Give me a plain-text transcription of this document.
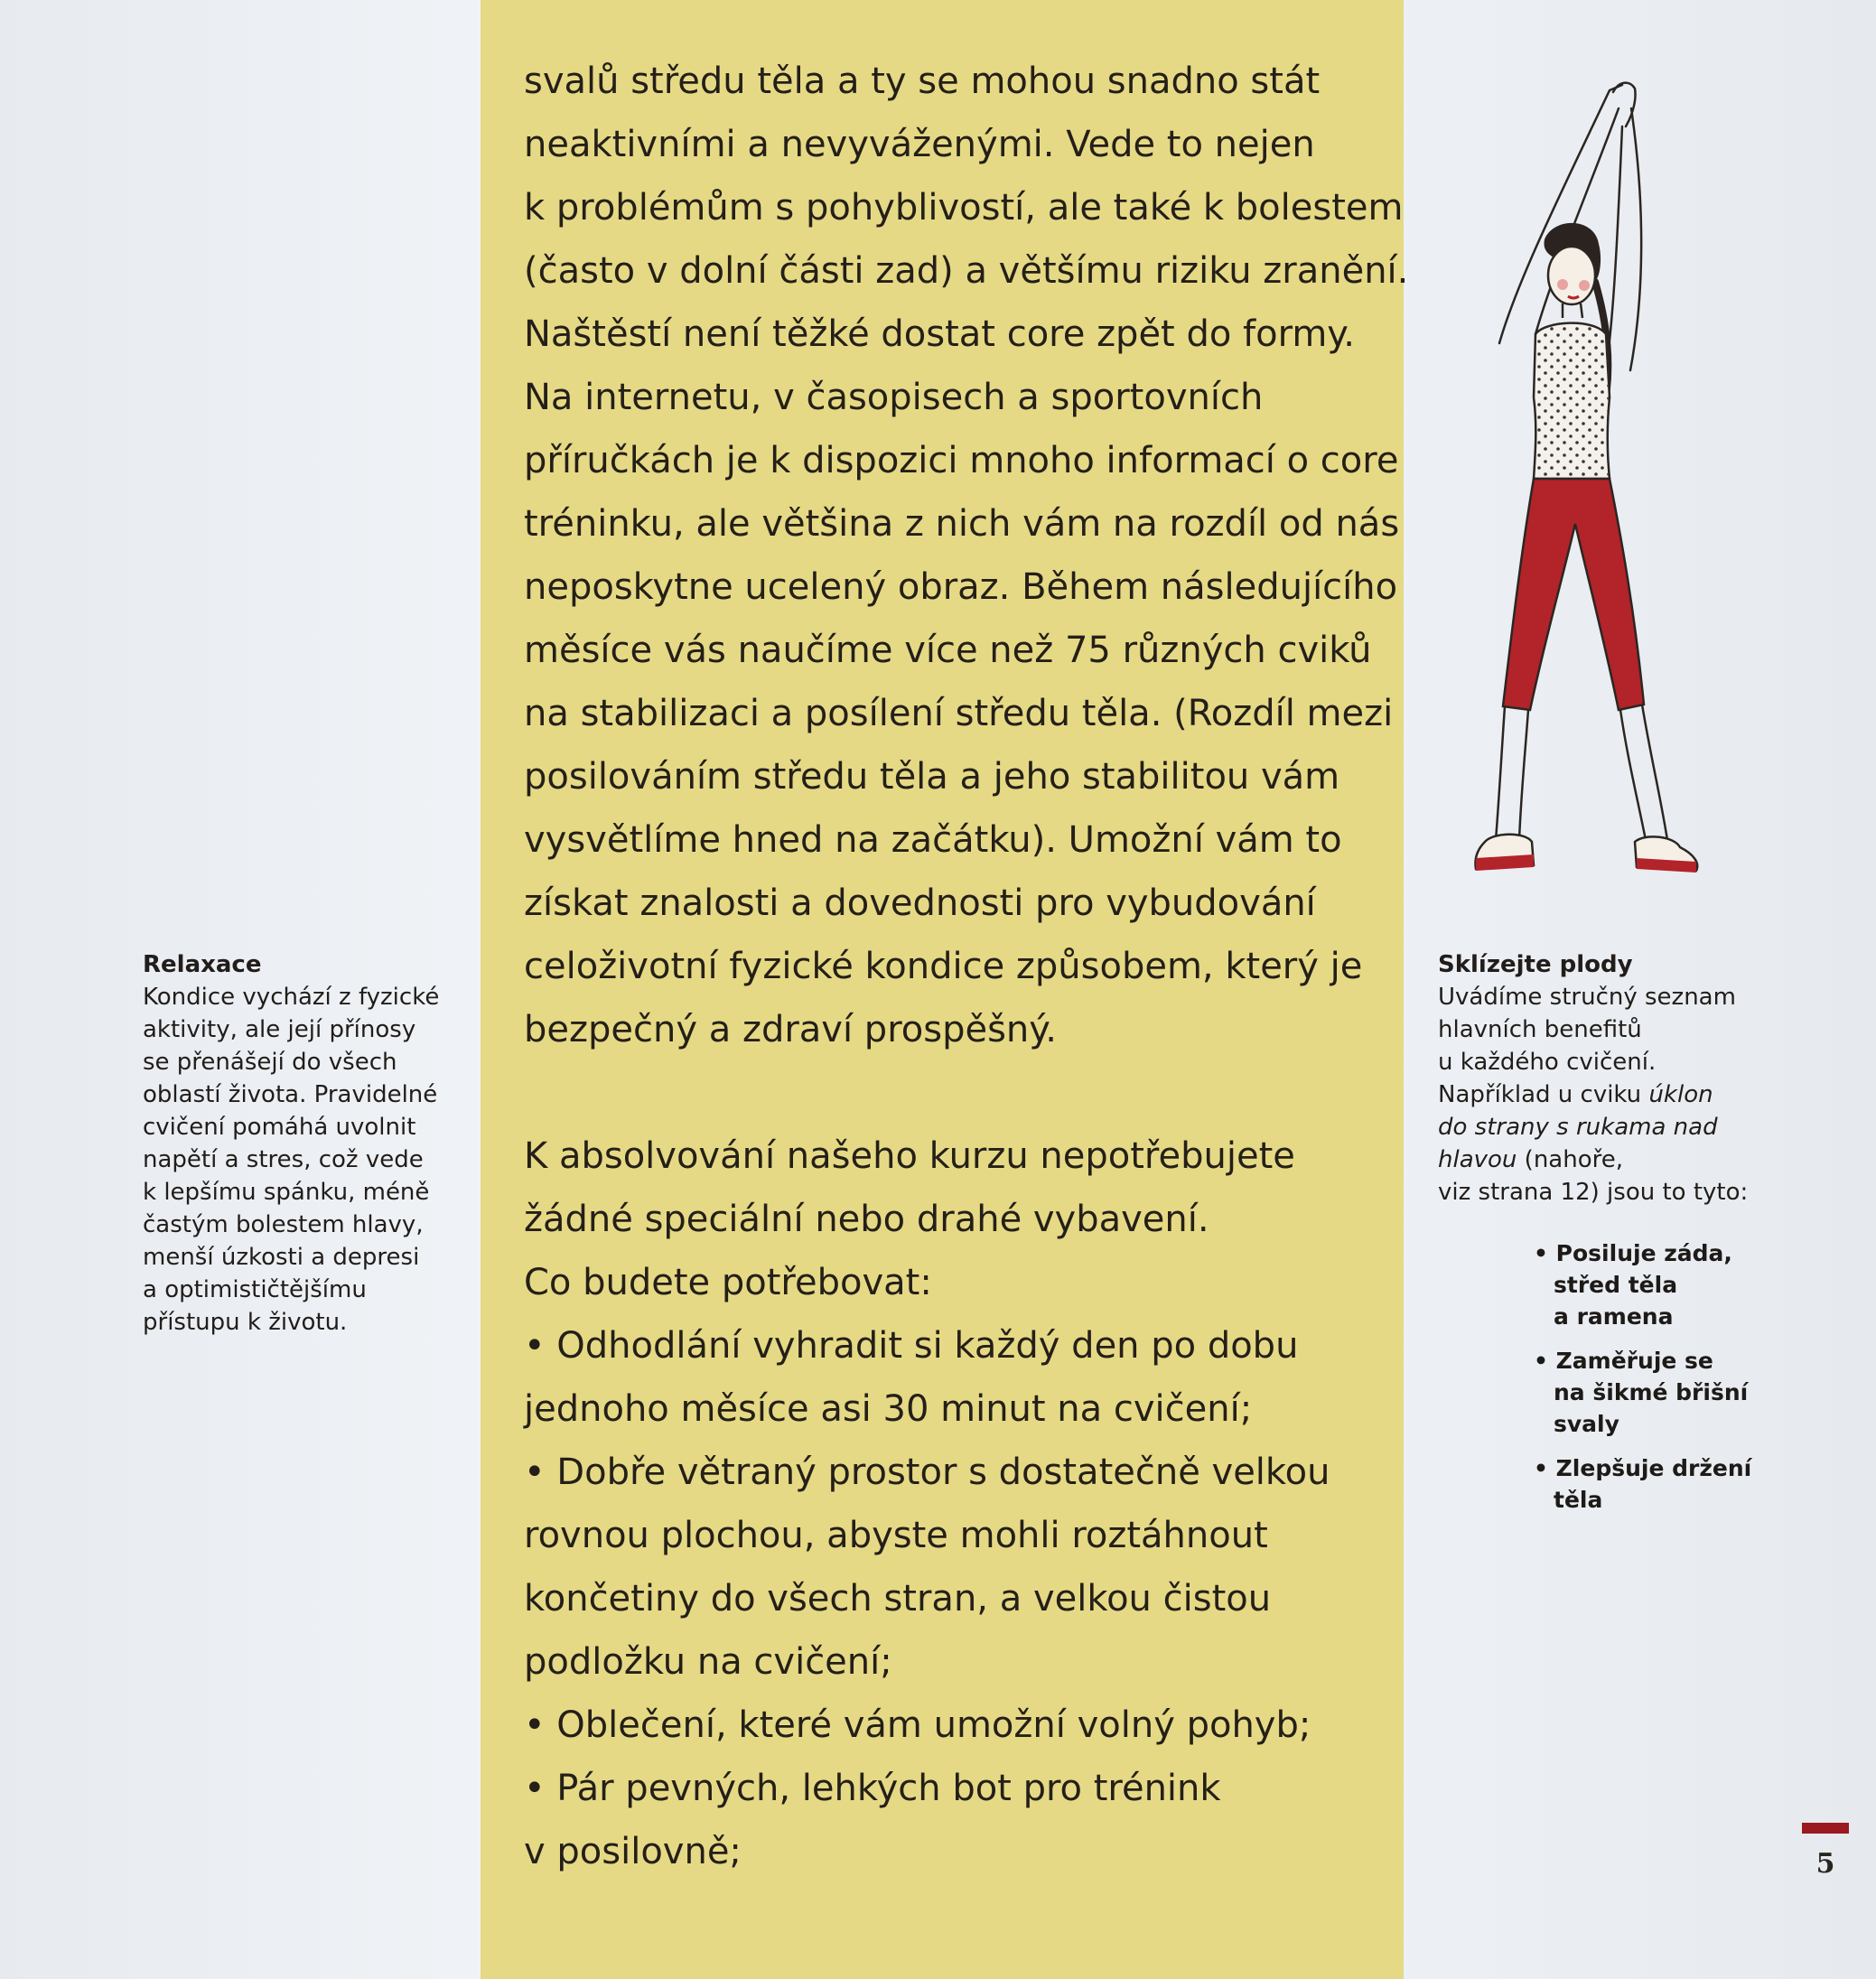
svalů středu těla a ty se mohou snadno stát

neaktivními a nevyváženými. Vede to nejen

k problémům s pohyblivostí, ale také k bolestem

(často v dolní části zad) a většímu riziku zranění.

Naštěstí není těžké dostat core zpět do formy.

Na internetu, v časopisech a sportovních

příručkách je k dispozici mnoho informací o core

tréninku, ale většina z nich vám na rozdíl od nás

neposkytne ucelený obraz. Během následujícího

měsíce vás naučíme více než 75 různých cviků

na stabilizaci a posílení středu těla. (Rozdíl mezi

posilováním středu těla a jeho stabilitou vám

vysvětlíme hned na začátku). Umožní vám to

získat znalosti a dovednosti pro vybudování

celoživotní fyzické kondice způsobem, který je

bezpečný a zdraví prospěšný.

K absolvování našeho kurzu nepotřebujete

žádné speciální nebo drahé vybavení.

Co budete potřebovat:

• Odhodlání vyhradit si každý den po dobu

jednoho měsíce asi 30 minut na cvičení;

• Dobře větraný prostor s dostatečně velkou

rovnou plochou, abyste mohli roztáhnout

končetiny do všech stran, a velkou čistou

podložku na cvičení;

• Oblečení, které vám umožní volný pohyb;

• Pár pevných, lehkých bot pro trénink

v posilovně;

Relaxace
Kondice vychází z fyzické
aktivity, ale její přínosy
se přenášejí do všech
oblastí života. Pravidelné
cvičení pomáhá uvolnit
napětí a stres, což vede
k lepšímu spánku, méně
častým bolestem hlavy,
menší úzkosti a depresi
a optimističtějšímu
přístupu k životu.
Sklízejte plody
Uvádíme stručný seznam
hlavních benefitů
u každého cvičení.
Například u cviku úklon
do strany s rukama nad
hlavou (nahoře,
viz strana 12) jsou to tyto:
• Posiluje záda,
střed těla
a ramena
• Zaměřuje se
na šikmé břišní
svaly
• Zlepšuje držení
těla
5
